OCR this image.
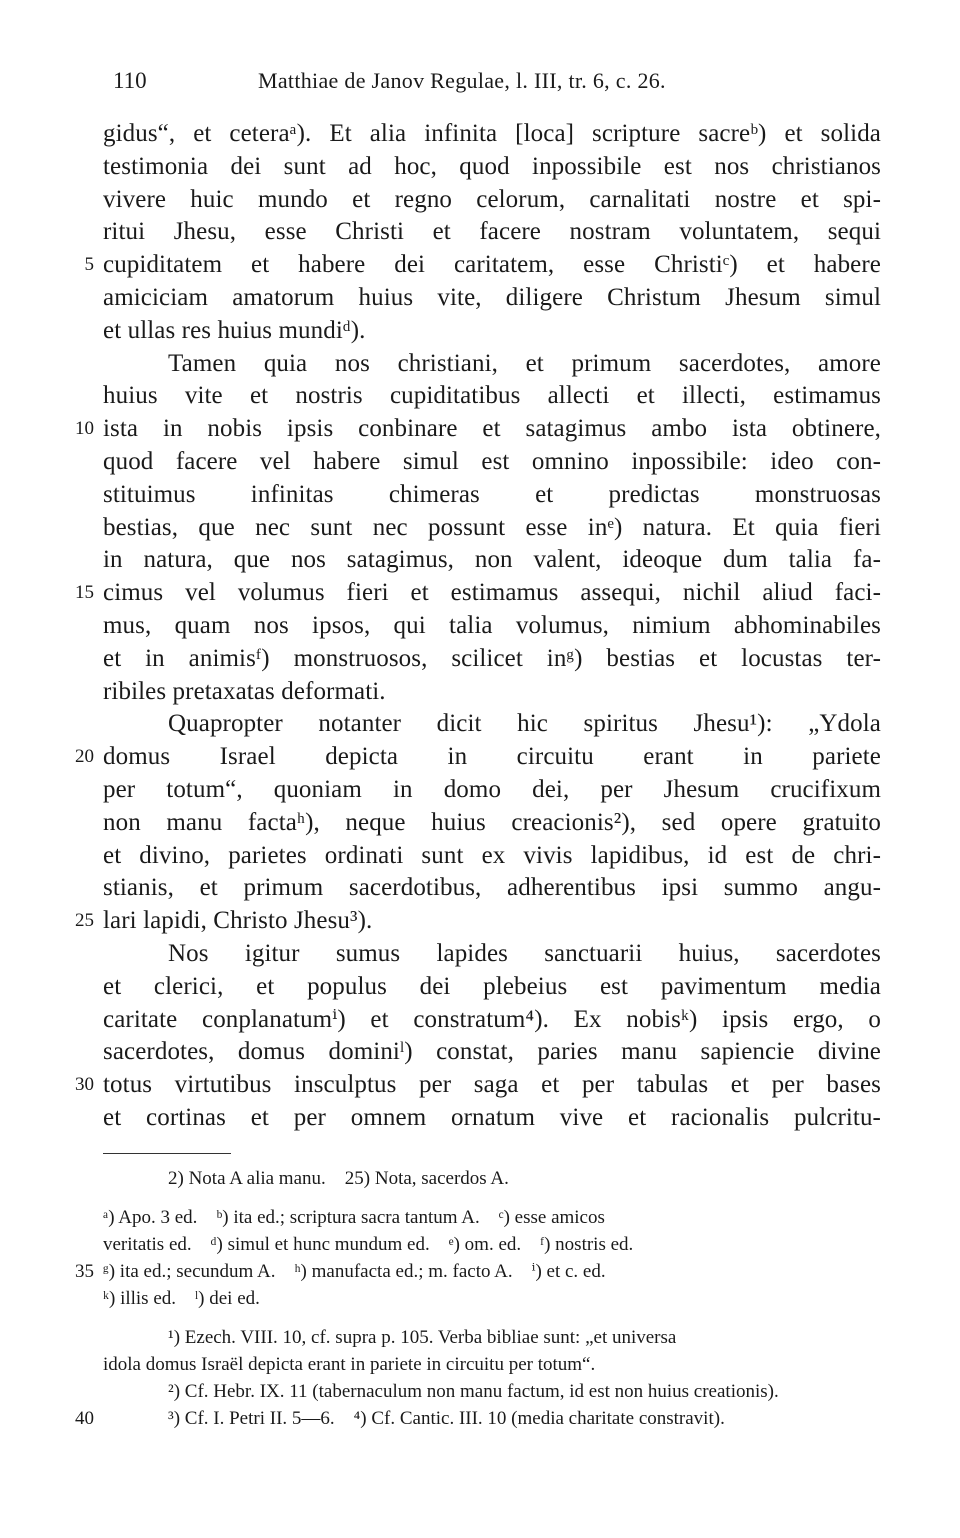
110	Matthiae de Janov Regulae, l. III, tr. 6, c. 26.
gidus“, et ceteraᵃ). Et alia infinita [loca] scripture sacreᵇ) et solida
testimonia dei sunt ad hoc, quod inpossibile est nos christianos
vivere huic mundo et regno celorum, carnalitati nostre et spi-
ritui Jhesu, esse Christi et facere nostram voluntatem, sequi
5 cupiditatem et habere dei caritatem, esse Christiᶜ) et habere
amiciciam amatorum huius vite, diligere Christum Jhesum simul
et ullas res huius mundiᵈ).
Tamen quia nos christiani, et primum sacerdotes, amore
huius vite et nostris cupiditatibus allecti et illecti, estimamus
10 ista in nobis ipsis conbinare et satagimus ambo ista obtinere,
quod facere vel habere simul est omnino inpossibile: ideo con-
stituimus infinitas chimeras et predictas monstruosas
bestias, que nec sunt nec possunt esse inᵉ) natura. Et quia fieri
in natura, que nos satagimus, non valent, ideoque dum talia fa-
15 cimus vel volumus fieri et estimamus assequi, nichil aliud faci-
mus, quam nos ipsos, qui talia volumus, nimium abhominabiles
et in animisᶠ) monstruosos, scilicet inᵍ) bestias et locustas ter-
ribiles pretaxatas deformati.
Quapropter notanter dicit hic spiritus Jhesu¹): „Ydola
20 domus Israel depicta in circuitu erant in pariete
per totum“, quoniam in domo dei, per Jhesum crucifixum
non manu factaʰ), neque huius creacionis²), sed opere gratuito
et divino, parietes ordinati sunt ex vivis lapidibus, id est de chri-
stianis, et primum sacerdotibus, adherentibus ipsi summo angu-
25 lari lapidi, Christo Jhesu³).
Nos igitur sumus lapides sanctuarii huius, sacerdotes
et clerici, et populus dei plebeius est pavimentum media
caritate conplanatumⁱ) et constratum⁴). Ex nobisᵏ) ipsis ergo, o
sacerdotes, domus dominiˡ) constat, paries manu sapiencie divine
30 totus virtutibus insculptus per saga et per tabulas et per bases
et cortinas et per omnem ornatum vive et racionalis pulcritu-
2) Nota A alia manu.    25) Nota, sacerdos A.
ᵃ) Apo. 3 ed.    ᵇ) ita ed.; scriptura sacra tantum A.    ᶜ) esse amicos
veritatis ed.    ᵈ) simul et hunc mundum ed.    ᵉ) om. ed.    ᶠ) nostris ed.
35 ᵍ) ita ed.; secundum A.    ʰ) manufacta ed.; m. facto A.    ⁱ) et c. ed.
ᵏ) illis ed.    ˡ) dei ed.
¹) Ezech. VIII. 10, cf. supra p. 105. Verba bibliae sunt: „et universa
idola domus Israël depicta erant in pariete in circuitu per totum“.
²) Cf. Hebr. IX. 11 (tabernaculum non manu factum, id est non huius creationis).
40	³) Cf. I. Petri II. 5—6.    ⁴) Cf. Cantic. III. 10 (media charitate constravit).
